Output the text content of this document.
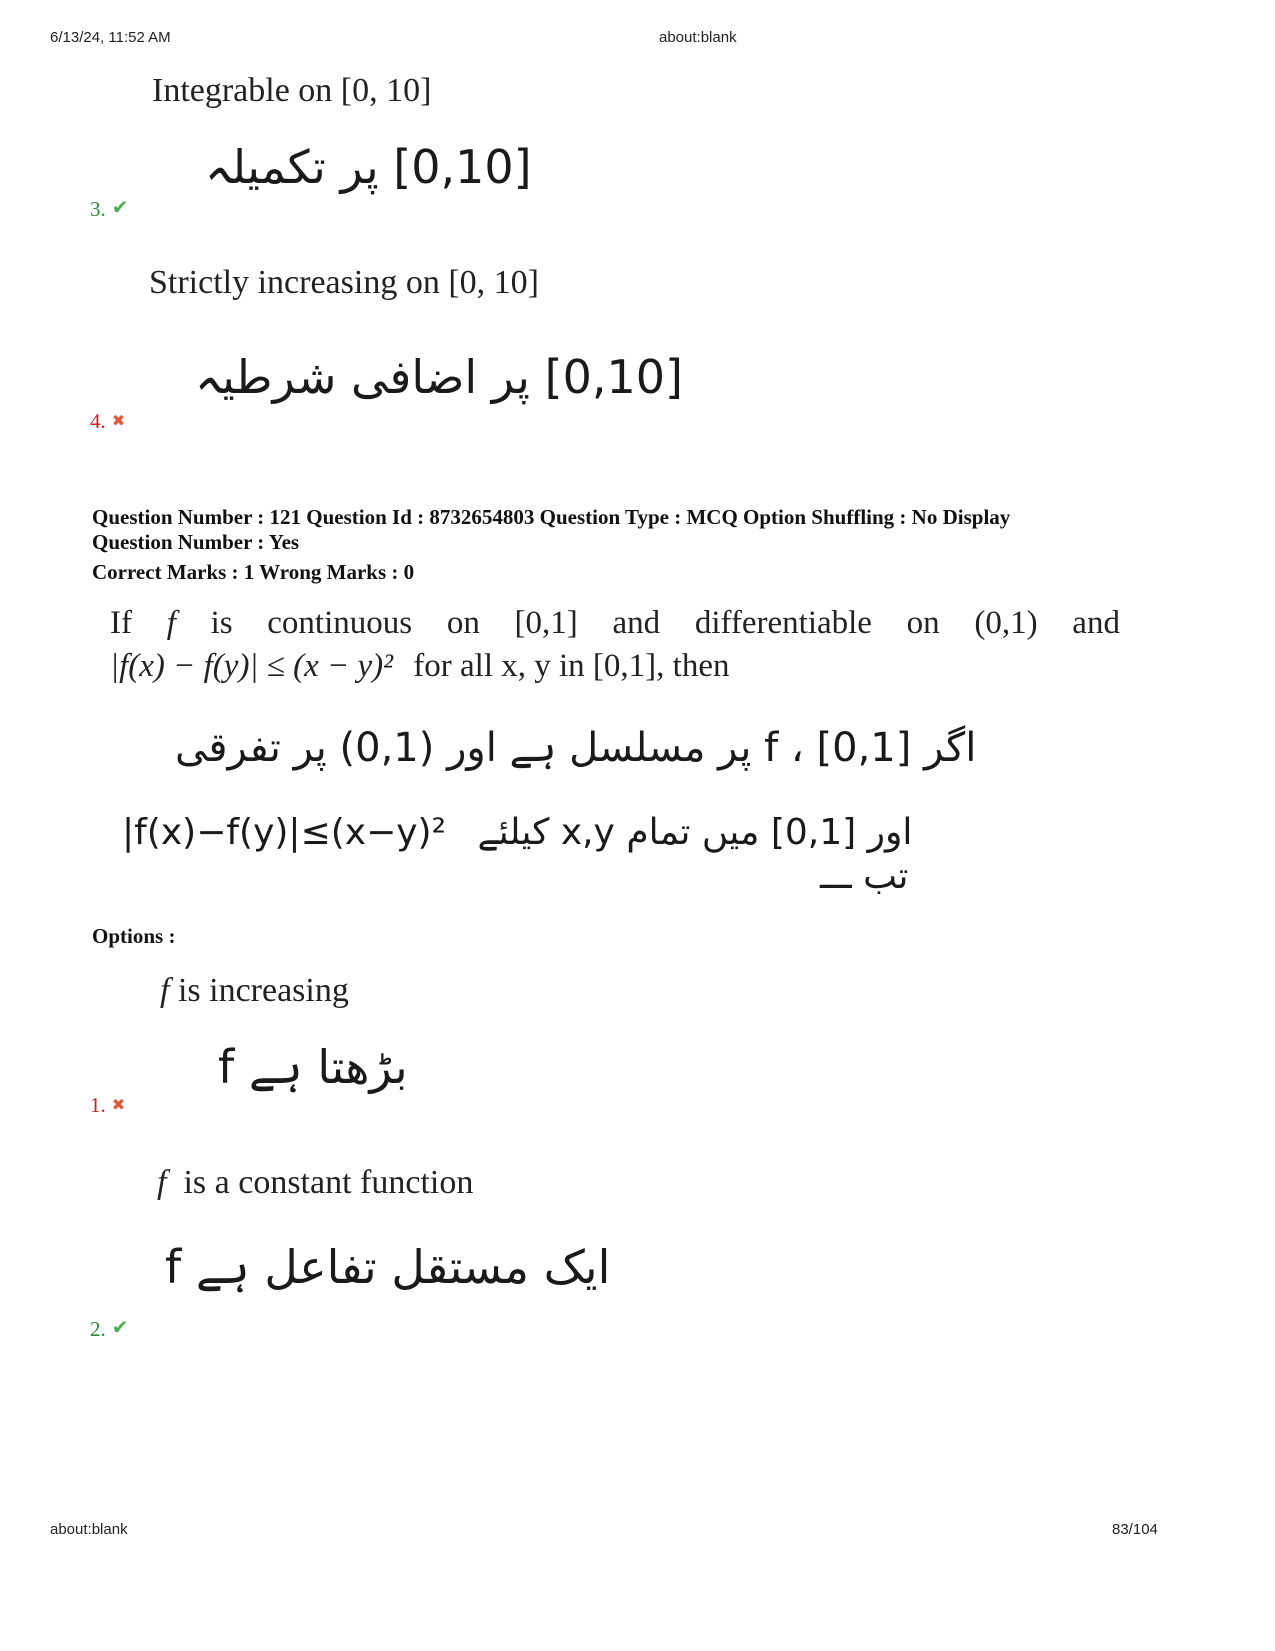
6/13/24, 11:52 AM	about:blank
Integrable on [0, 10]
[0,10] پر تکمیلہ
3. ✔
Strictly increasing on [0, 10]
[0,10] پر اضافی شرطیہ
4. ✖
Question Number : 121 Question Id : 8732654803 Question Type : MCQ Option Shuffling : No Display
Question Number : Yes
Correct Marks : 1 Wrong Marks : 0
If f is continuous on [0,1] and differentiable on (0,1) and
|f(x) − f(y)| ≤ (x − y)² for all x, y in [0,1], then
اگر f ، [0,1] پر مسلسل ہے اور (0,1) پر تفرقی
|f(x)−f(y)|≤(x−y)² اور [0,1] میں تمام x,y کیلئے
تب ـــ
Options :
f is increasing
f بڑھتا ہے
1. ✖
f  is a constant function
f ایک مستقل تفاعل ہے
2. ✔
about:blank	83/104
